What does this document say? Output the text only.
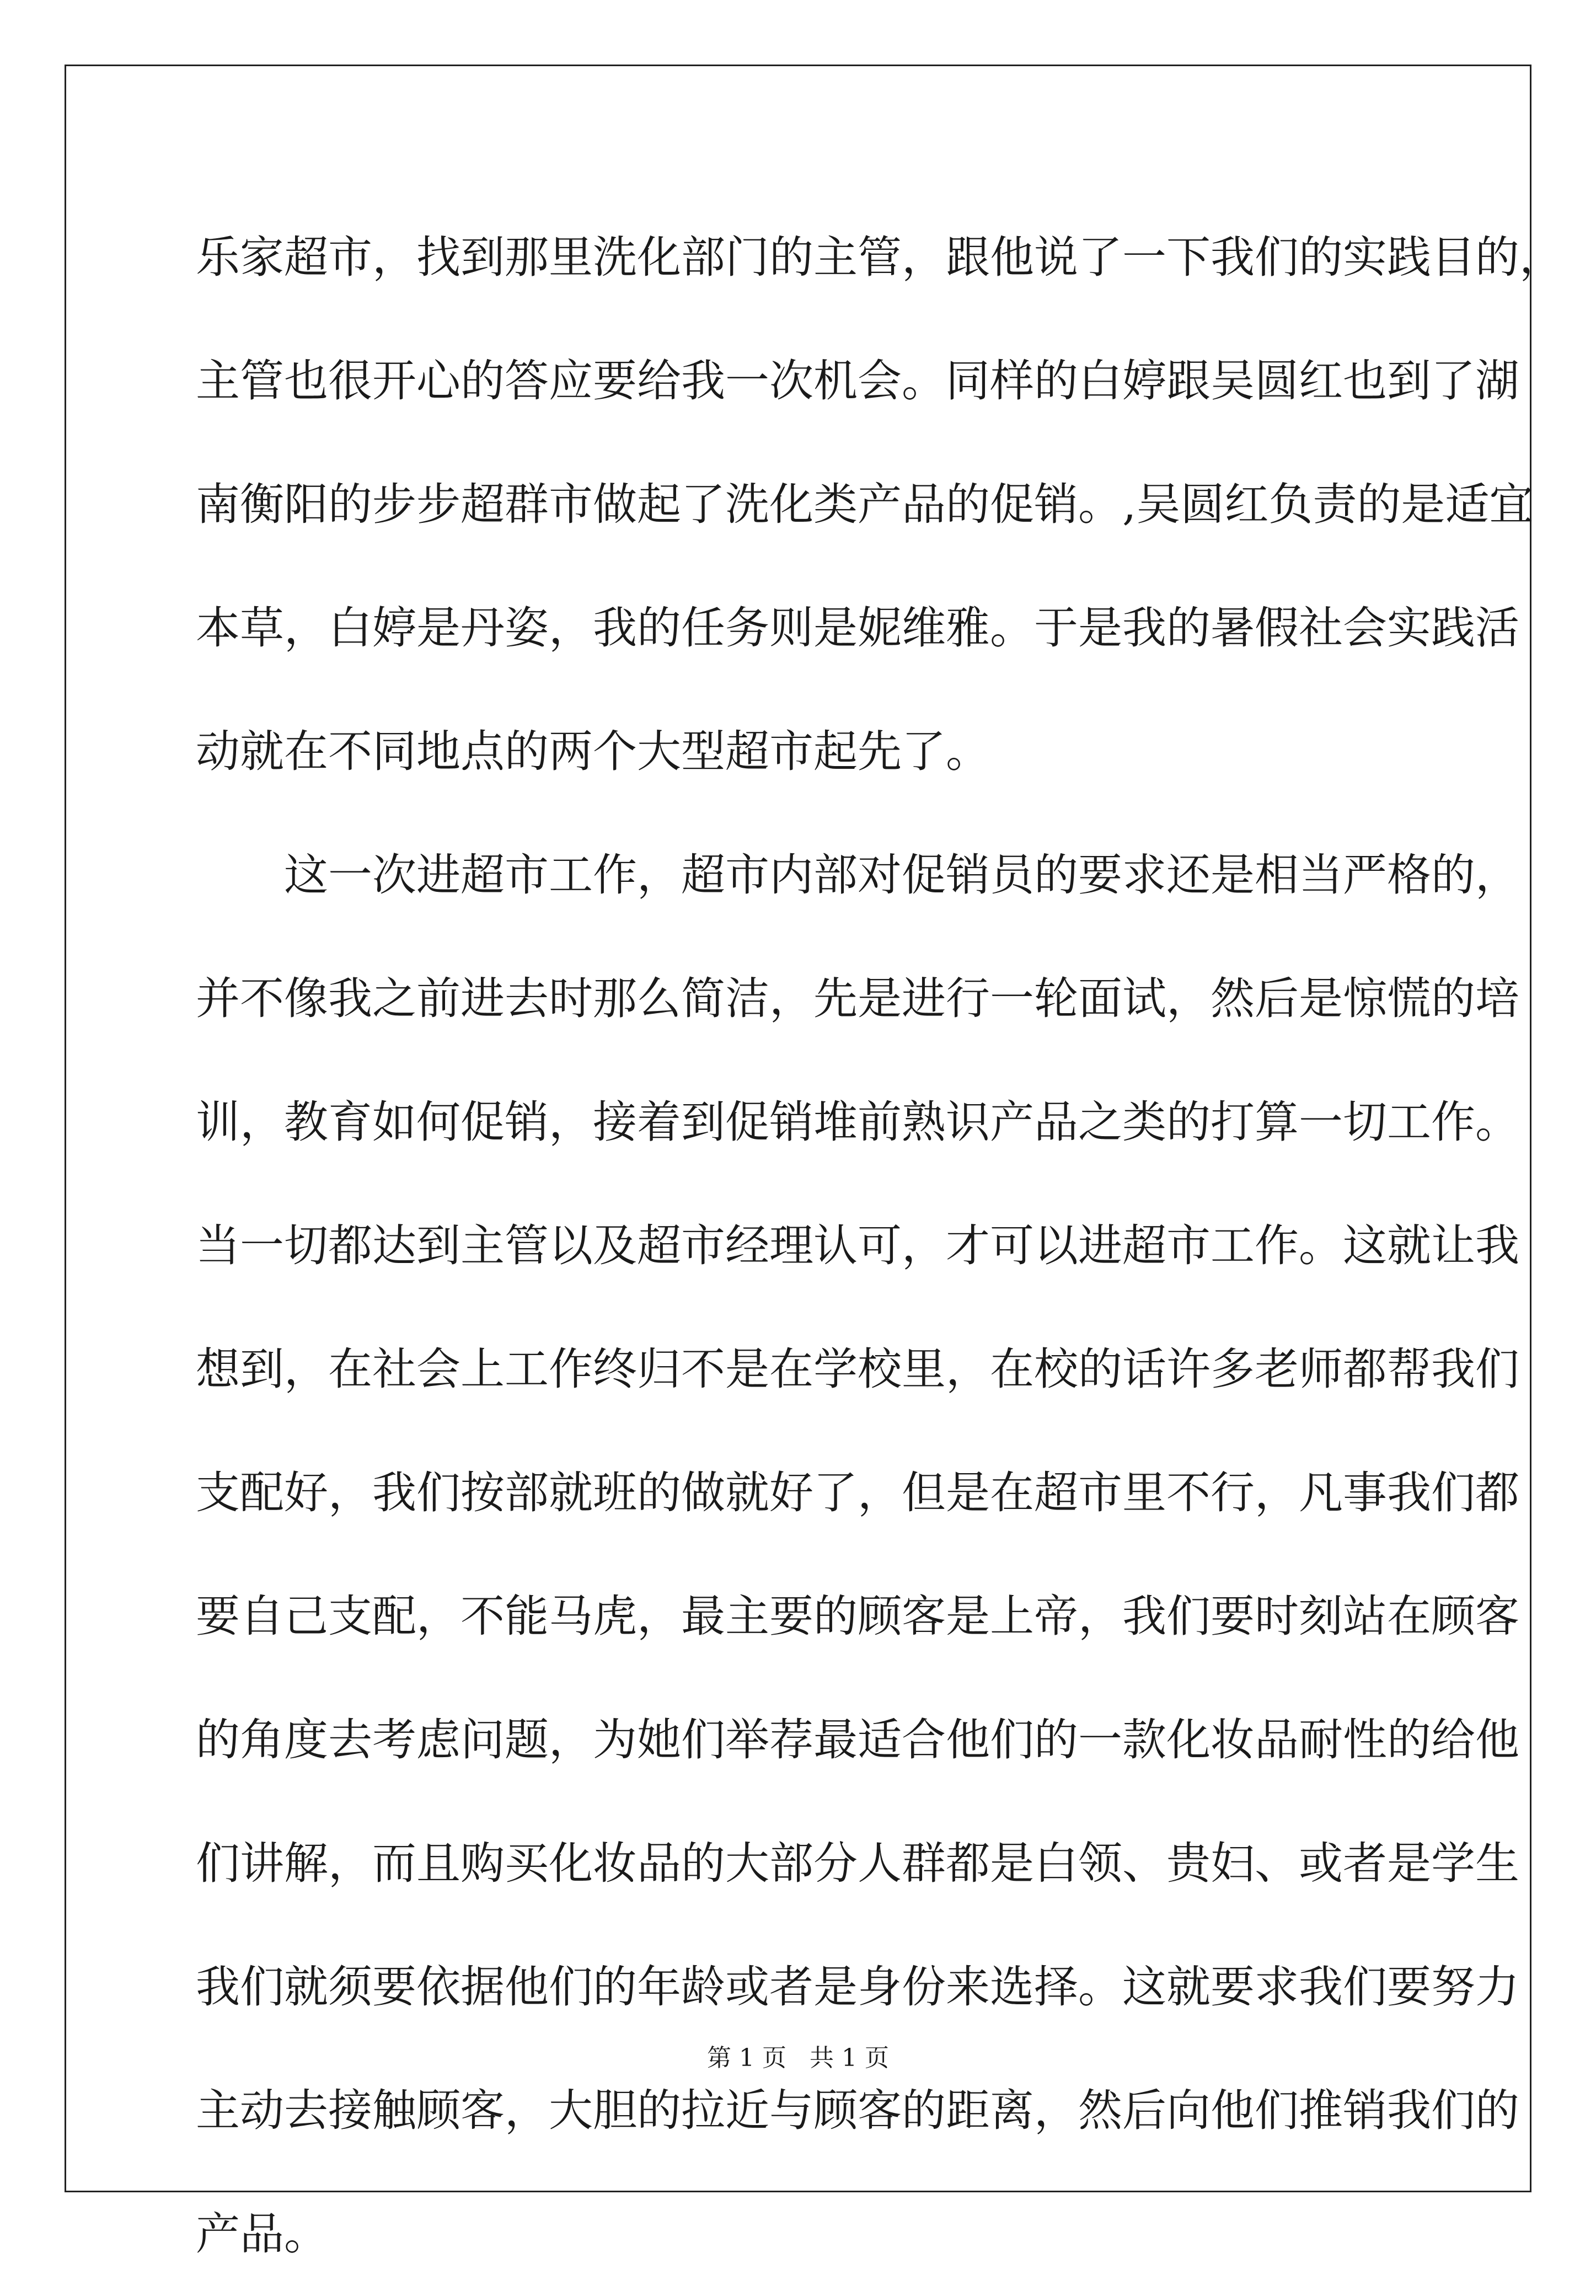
乐家超市，找到那里洗化部门的主管，跟他说了一下我们的实践目的，
主管也很开心的答应要给我一次机会。同样的白婷跟吴圆红也到了湖
南衡阳的步步超群市做起了洗化类产品的促销。,吴圆红负责的是适宜
本草，白婷是丹姿，我的任务则是妮维雅。于是我的暑假社会实践活
动就在不同地点的两个大型超市起先了。
这一次进超市工作，超市内部对促销员的要求还是相当严格的，
并不像我之前进去时那么简洁，先是进行一轮面试，然后是惊慌的培
训，教育如何促销，接着到促销堆前熟识产品之类的打算一切工作。
当一切都达到主管以及超市经理认可，才可以进超市工作。这就让我
想到，在社会上工作终归不是在学校里，在校的话许多老师都帮我们
支配好，我们按部就班的做就好了，但是在超市里不行，凡事我们都
要自己支配，不能马虎，最主要的顾客是上帝，我们要时刻站在顾客
的角度去考虑问题，为她们举荐最适合他们的一款化妆品耐性的给他
们讲解，而且购买化妆品的大部分人群都是白领、贵妇、或者是学生
我们就须要依据他们的年龄或者是身份来选择。这就要求我们要努力
主动去接触顾客，大胆的拉近与顾客的距离，然后向他们推销我们的
产品。
第 1 页   共 1 页
